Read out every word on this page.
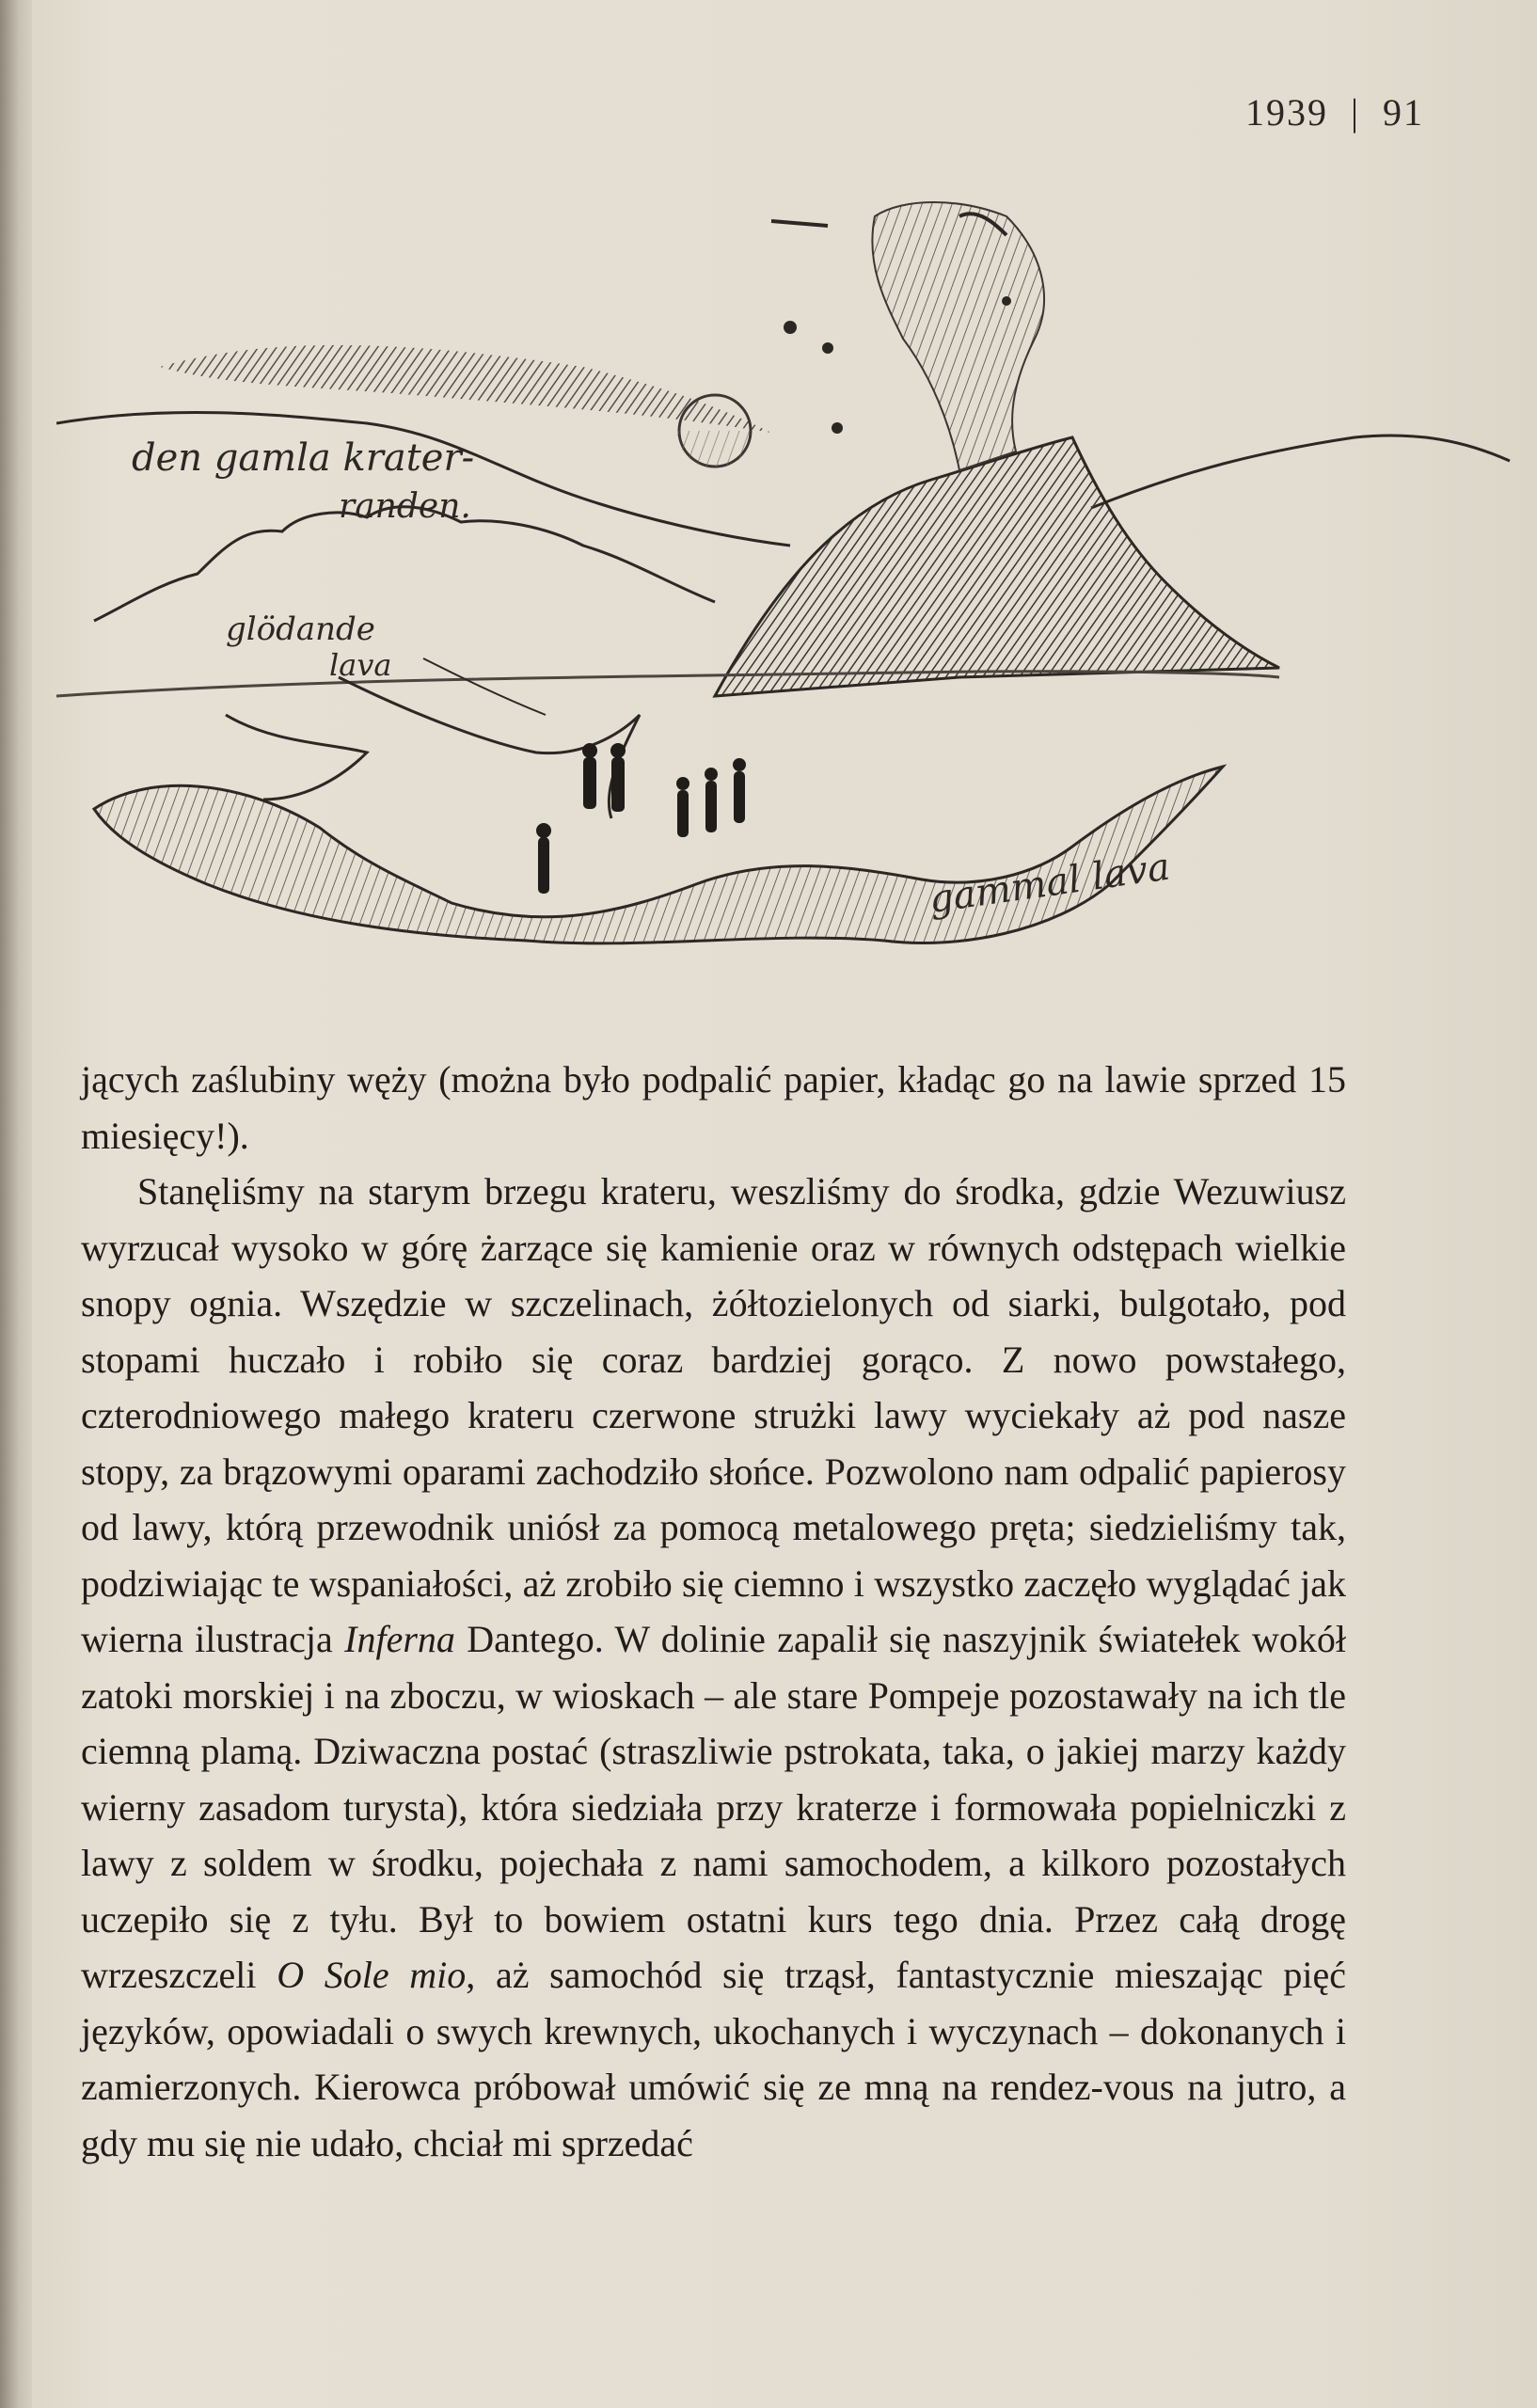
1939 | 91
den gamla krater-
randen.
glödande
lava
gammal lava

jących zaślubiny węży (można było podpalić papier, kładąc go na lawie sprzed 15 miesięcy!).

Stanęliśmy na starym brzegu krateru, weszliśmy do środka, gdzie Wezuwiusz wyrzucał wysoko w górę żarzące się kamienie oraz w równych odstępach wielkie snopy ognia. Wszędzie w szczelinach, żółtozielonych od siarki, bulgotało, pod stopami huczało i robiło się coraz bardziej gorąco. Z nowo powstałego, czterodniowego małego krateru czerwone strużki lawy wyciekały aż pod nasze stopy, za brązowymi oparami zachodziło słońce. Pozwolono nam odpalić papierosy od lawy, którą przewodnik uniósł za pomocą metalowego pręta; siedzieliśmy tak, podziwiając te wspaniałości, aż zrobiło się ciemno i wszystko zaczęło wyglądać jak wierna ilustracja Inferna Dantego. W dolinie zapalił się naszyjnik światełek wokół zatoki morskiej i na zboczu, w wioskach – ale stare Pompeje pozostawały na ich tle ciemną plamą. Dziwaczna postać (straszliwie pstrokata, taka, o jakiej marzy każdy wierny zasadom turysta), która siedziała przy kraterze i formowała popielniczki z lawy z soldem w środku, pojechała z nami samochodem, a kilkoro pozostałych uczepiło się z tyłu. Był to bowiem ostatni kurs tego dnia. Przez całą drogę wrzeszczeli O Sole mio, aż samochód się trząsł, fantastycznie mieszając pięć języków, opowiadali o swych krewnych, ukochanych i wyczynach – dokonanych i zamierzonych. Kierowca próbował umówić się ze mną na rendez-vous na jutro, a gdy mu się nie udało, chciał mi sprzedać
